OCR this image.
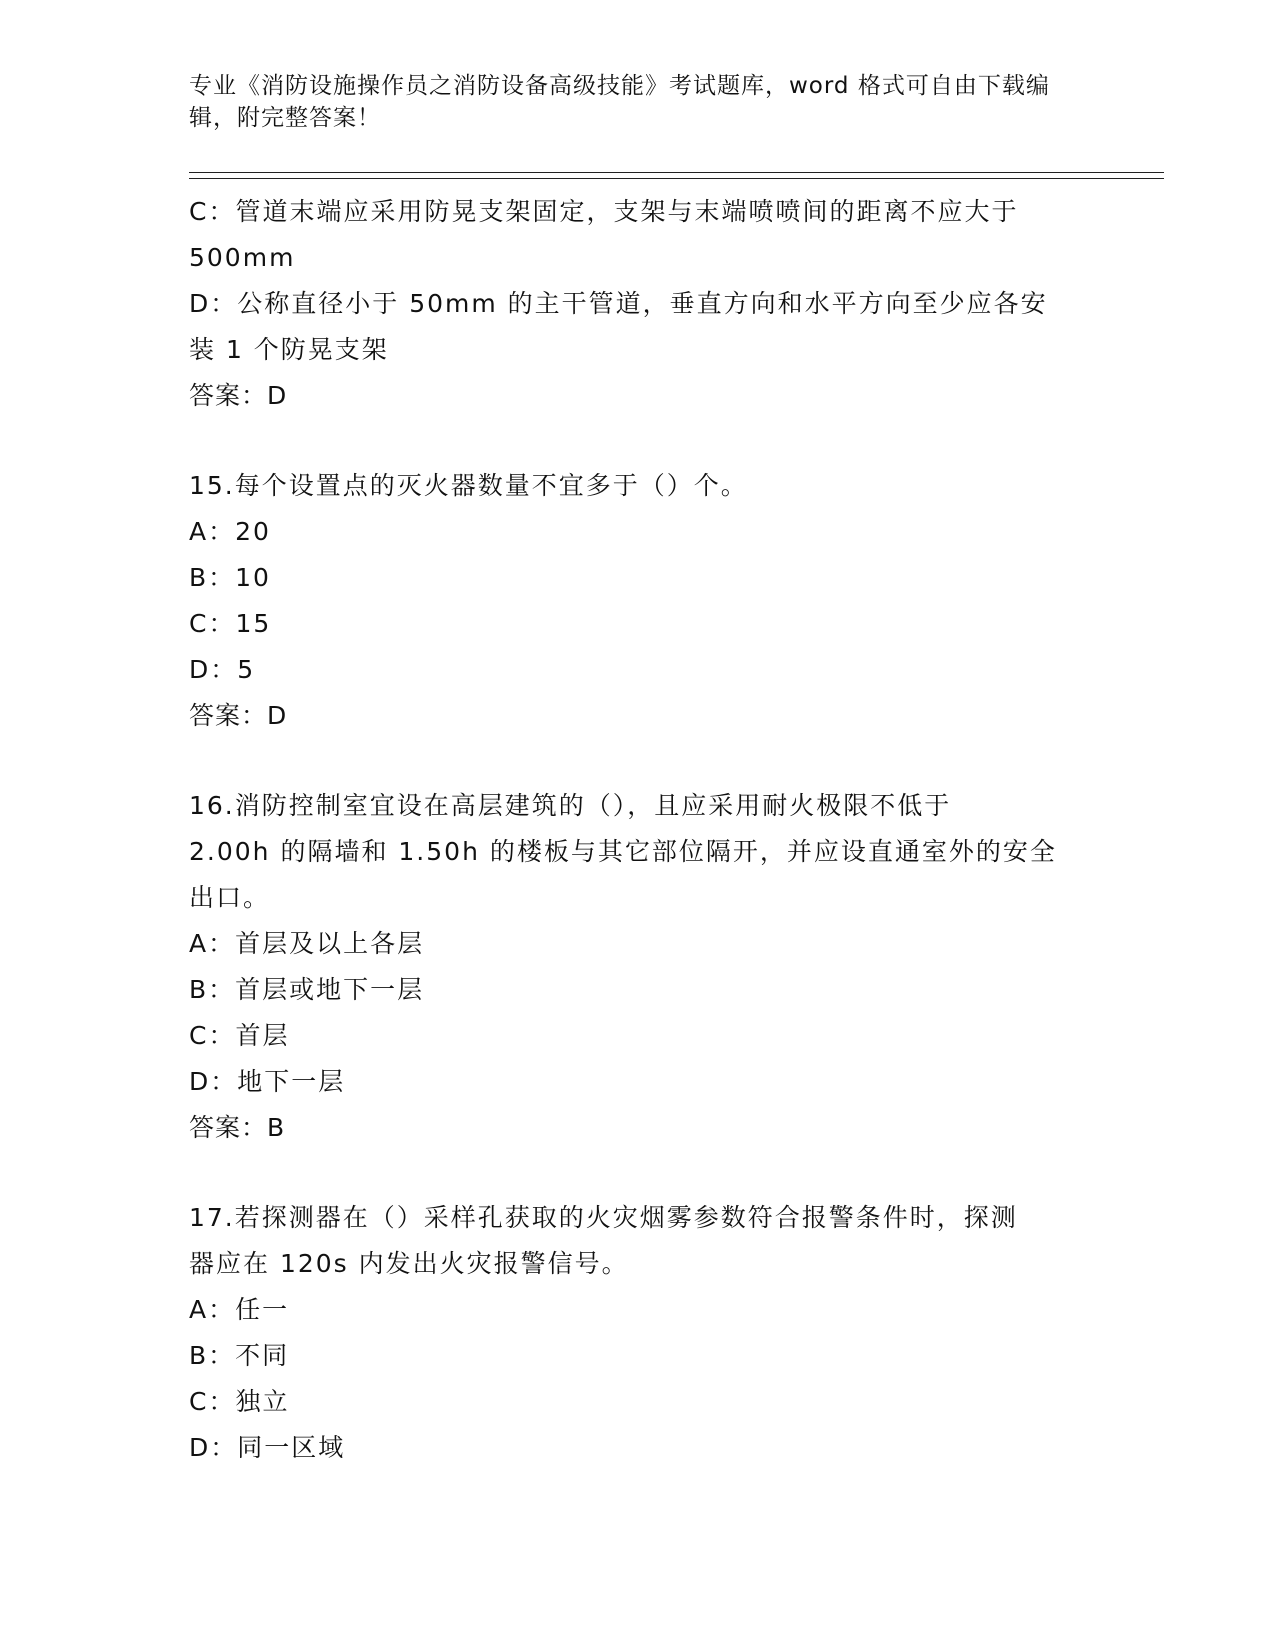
专业《消防设施操作员之消防设备高级技能》考试题库，word 格式可自由下载编
辑，附完整答案！
C：管道末端应采用防晃支架固定，支架与末端喷喷间的距离不应大于
500mm
D：公称直径小于 50mm 的主干管道，垂直方向和水平方向至少应各安
装 1 个防晃支架
答案：D
15.每个设置点的灭火器数量不宜多于（）个。
A：20
B：10
C：15
D：5
答案：D
16.消防控制室宜设在高层建筑的（），且应采用耐火极限不低于
2.00h 的隔墙和 1.50h 的楼板与其它部位隔开，并应设直通室外的安全
出口。
A：首层及以上各层
B：首层或地下一层
C：首层
D：地下一层
答案：B
17.若探测器在（）采样孔获取的火灾烟雾参数符合报警条件时，探测
器应在 120s 内发出火灾报警信号。
A：任一
B：不同
C：独立
D：同一区域
